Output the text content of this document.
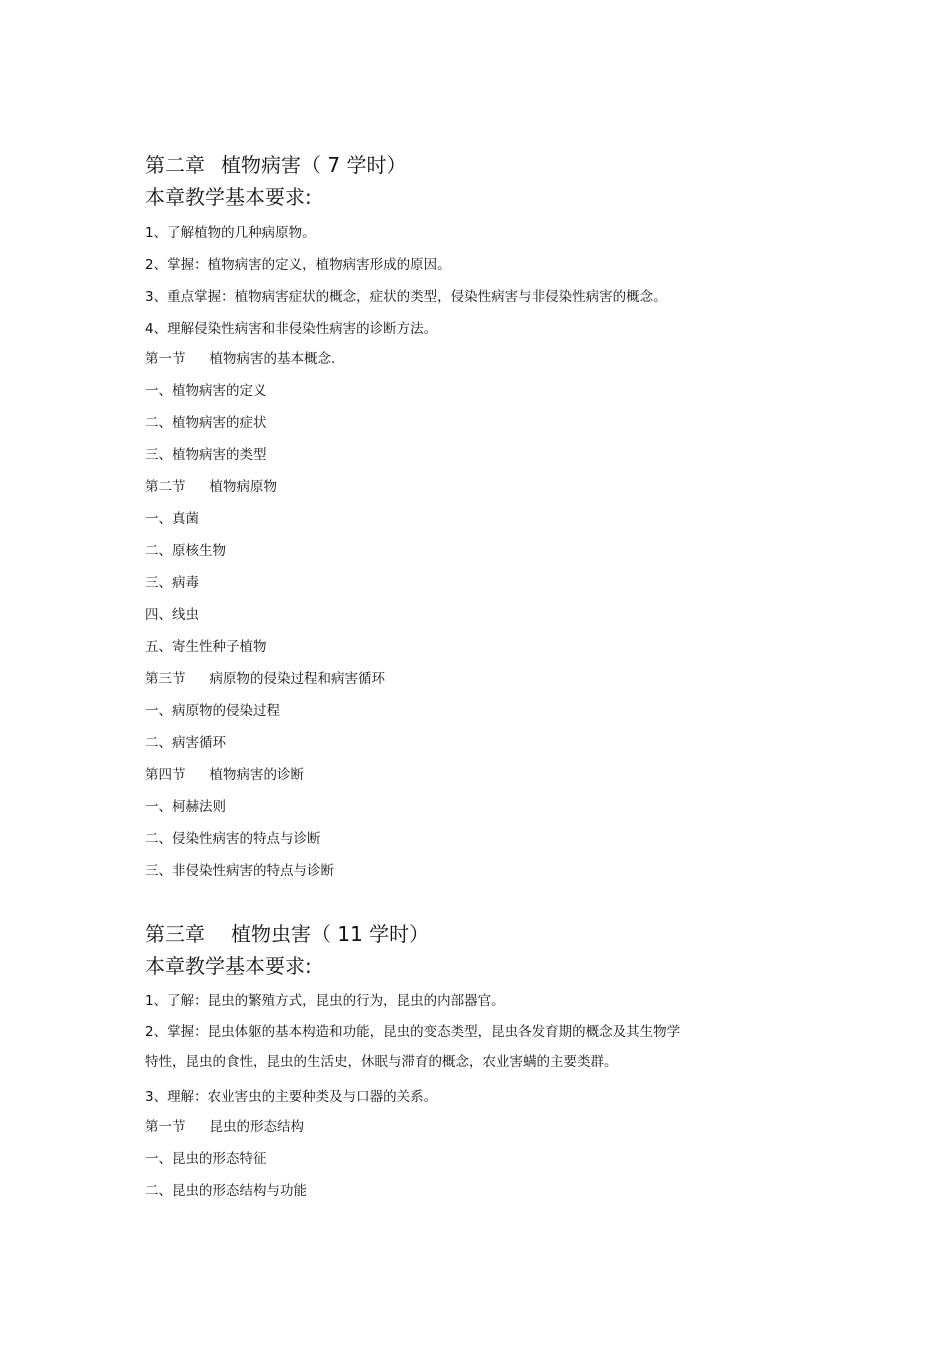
第二章 植物病害（ 7 学时）
本章教学基本要求:
1、了解植物的几种病原物。
2、掌握：植物病害的定义，植物病害形成的原因。
3、重点掌握：植物病害症状的概念，症状的类型，侵染性病害与非侵染性病害的概念。
4、理解侵染性病害和非侵染性病害的诊断方法。
第一节 植物病害的基本概念.
一、植物病害的定义
二、植物病害的症状
三、植物病害的类型
第二节 植物病原物
一、真菌
二、原核生物
三、病毒
四、线虫
五、寄生性种子植物
第三节 病原物的侵染过程和病害循环
一、病原物的侵染过程
二、病害循环
第四节 植物病害的诊断
一、柯赫法则
二、侵染性病害的特点与诊断
三、非侵染性病害的特点与诊断
第三章 植物虫害（ 11 学时）
本章教学基本要求:
1、了解：昆虫的繁殖方式，昆虫的行为，昆虫的内部器官。
2、掌握：昆虫体躯的基本构造和功能，昆虫的变态类型，昆虫各发育期的概念及其生物学
特性，昆虫的食性，昆虫的生活史，休眠与滞育的概念，农业害螨的主要类群。
3、理解：农业害虫的主要种类及与口器的关系。
第一节 昆虫的形态结构
一、昆虫的形态特征
二、昆虫的形态结构与功能
